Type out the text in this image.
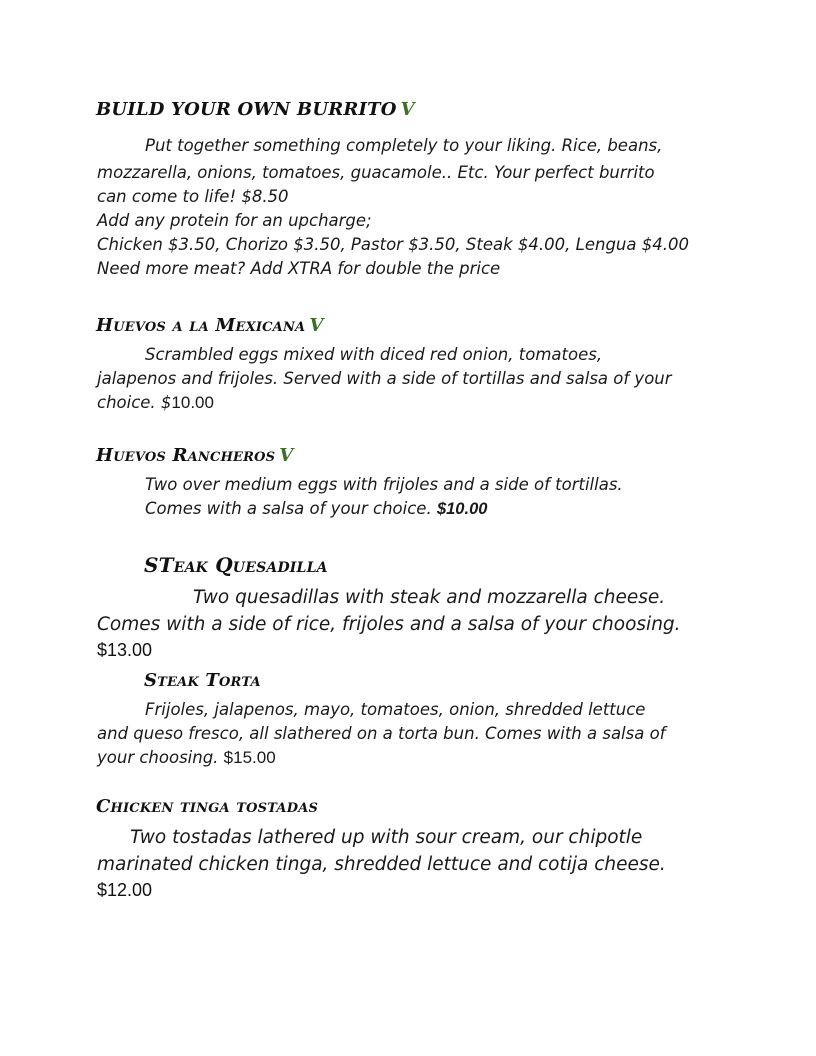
BUILD YOUR OWN BURRITO V
Put together something completely to your liking. Rice, beans,
mozzarella, onions, tomatoes, guacamole.. Etc. Your perfect burrito
can come to life! $8.50
Add any protein for an upcharge;
Chicken $3.50, Chorizo $3.50, Pastor $3.50, Steak $4.00, Lengua $4.00
Need more meat? Add XTRA for double the price
Huevos a la Mexicana V
Scrambled eggs mixed with diced red onion, tomatoes,
jalapenos and frijoles. Served with a side of tortillas and salsa of your
choice. $10.00
Huevos Rancheros V
Two over medium eggs with frijoles and a side of tortillas.
Comes with a salsa of your choice. $10.00
STeak Quesadilla
Two quesadillas with steak and mozzarella cheese.
Comes with a side of rice, frijoles and a salsa of your choosing.
$13.00
Steak Torta
Frijoles, jalapenos, mayo, tomatoes, onion, shredded lettuce
and queso fresco, all slathered on a torta bun. Comes with a salsa of
your choosing. $15.00
Chicken tinga tostadas
Two tostadas lathered up with sour cream, our chipotle
marinated chicken tinga, shredded lettuce and cotija cheese.
$12.00
